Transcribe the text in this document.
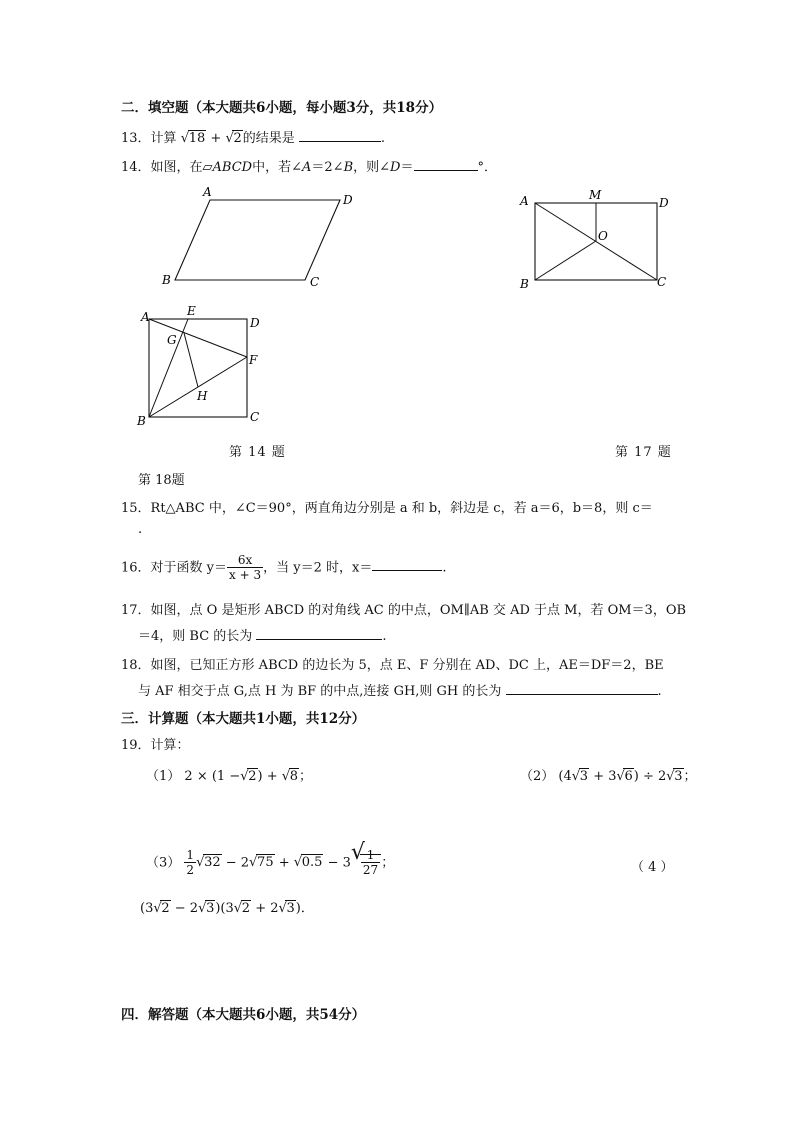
二．填空题（本大题共6小题，每小题3分，共18分）
13．计算 √ 18 + √ 2的结果是	.
14．如图，在▱ABCD中，若∠A＝2∠B，则∠D＝	°．
A
D
B	C
A	M
D
O
B	C
A	E
D
G
F
H
B	C
第 14 题	第 17 题
第 18题
15．Rt△ABC 中，∠C＝90°，两直角边分别是 a 和 b，斜边是 c，若 a＝6，b＝8，则 c＝
.
16．对于函数 $y= \frac{6x}{x + 3}$ ，当 y＝2 时，x＝	.
17．如图，点 O 是矩形 ABCD 的对角线 AC 的中点，OM∥AB 交 AD 于点 M，若 OM＝3，OB
＝4，则 BC 的长为	.
18．如图，已知正方形 ABCD 的边长为 5，点 E、F 分别在 AD、DC 上，AE＝DF＝2，BE
与 AF 相交于点 G,点 H 为 BF 的中点,连接 GH,则 GH 的长为	.
三．计算题（本大题共1小题，共12分）
19．计算：
（1） 2 × (1 − √ 2) + √ 8；	（2） (4 √ 3 + 3 √ 6) ÷ 2 √ 3；
$(3) \frac{1}{2}$ √ 32 − 2 √ 75 + √ 0.5 − 3 √
$\frac{1}{27}$ ；	（ 4 ）
(3 √ 2 − 2 √ 3)(3 √ 2 + 2 √ 3)．
四．解答题（本大题共6小题，共54分）
